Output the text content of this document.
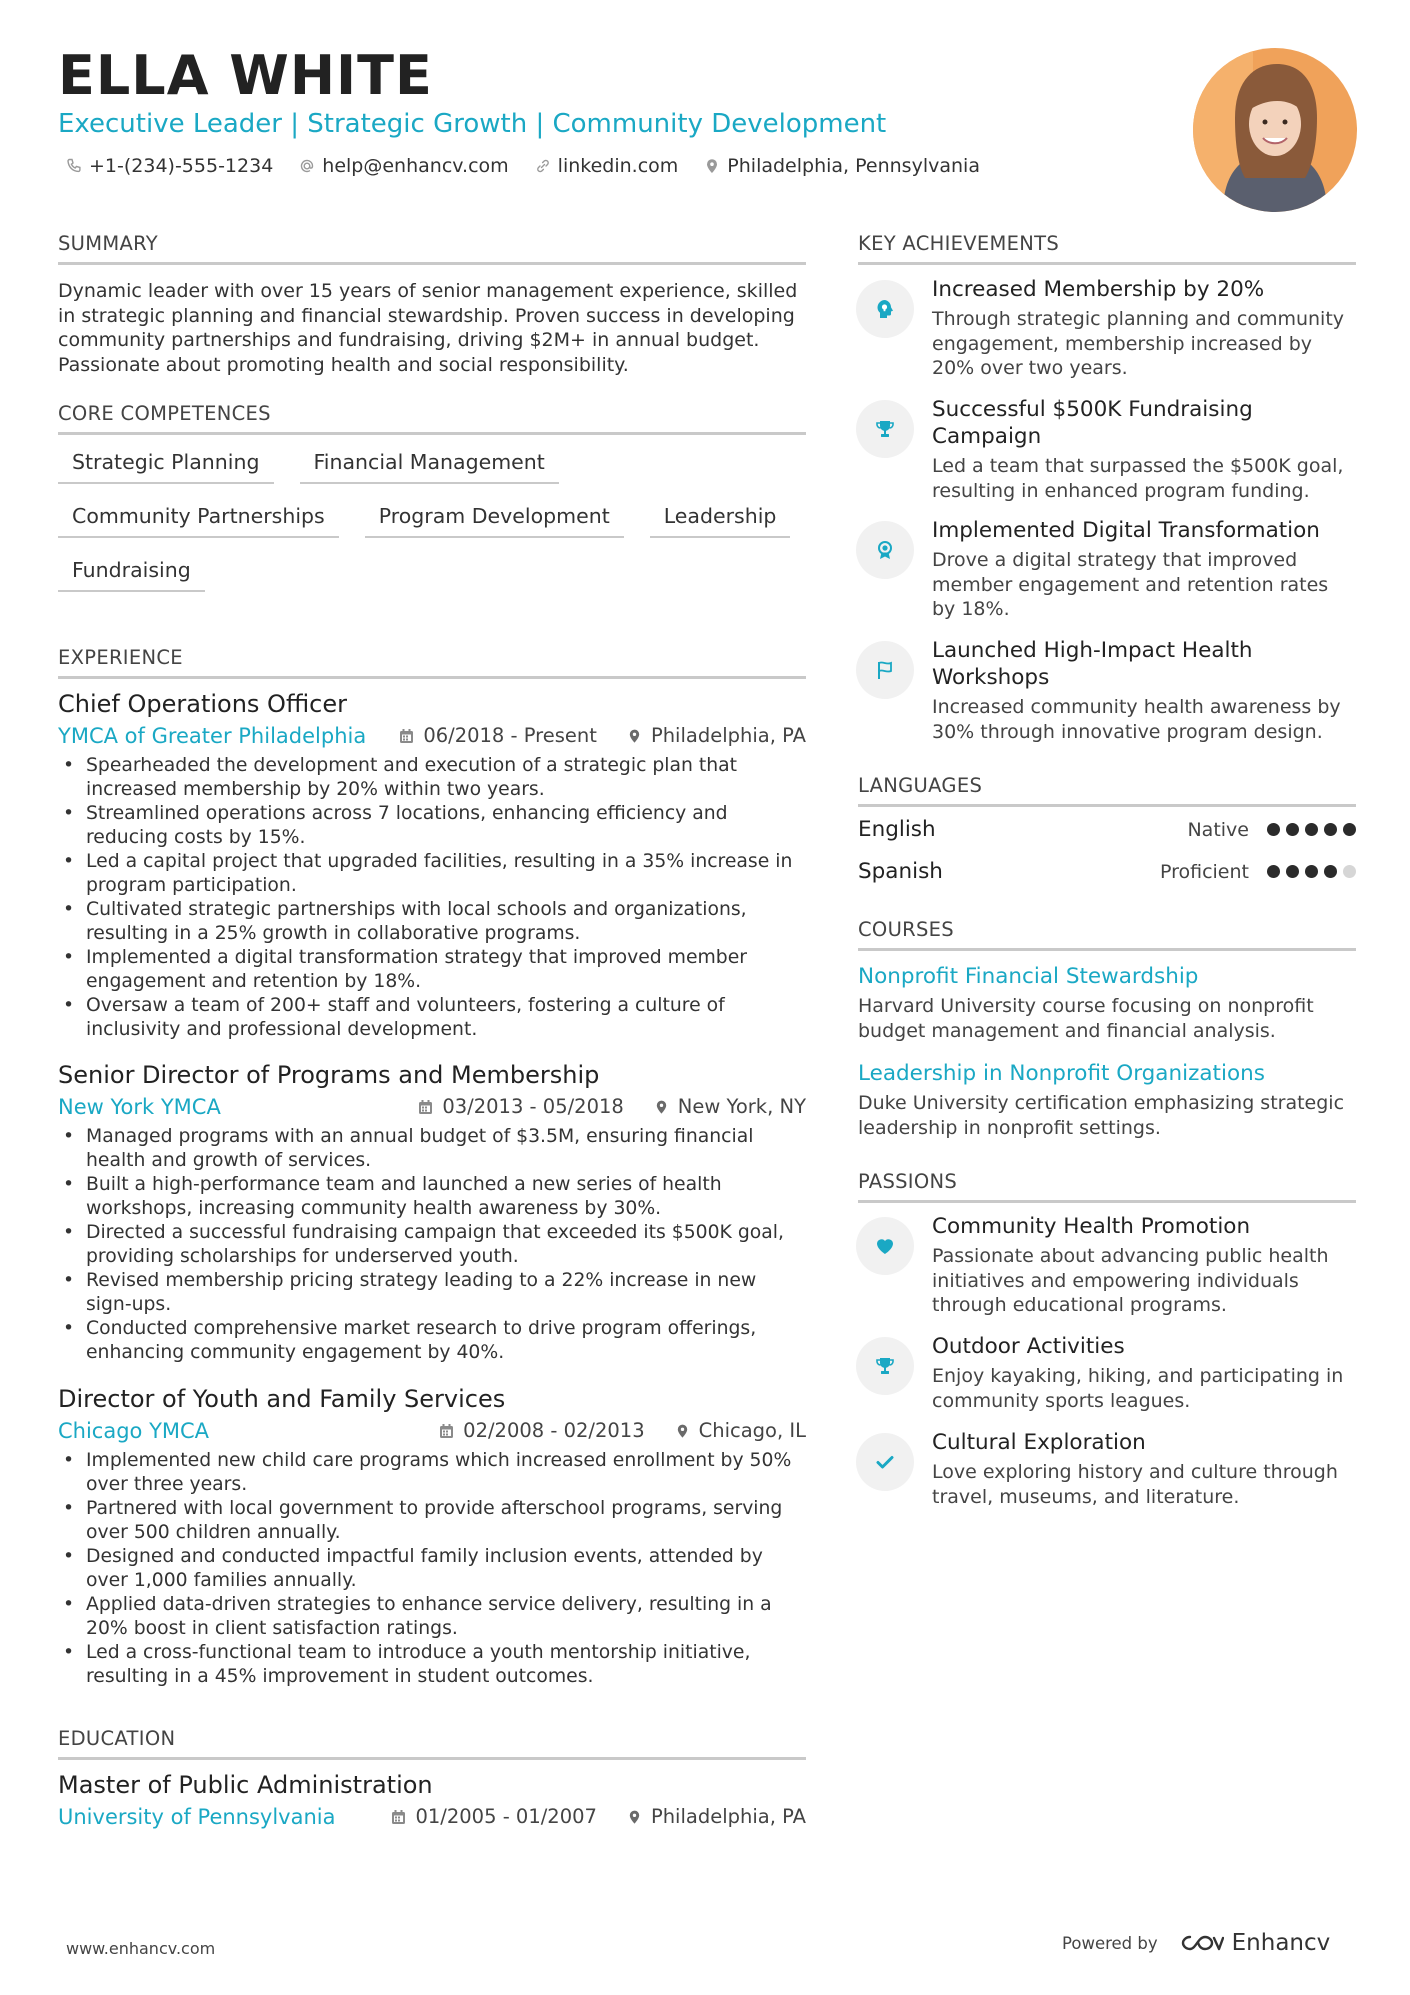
ELLA WHITE
Executive Leader | Strategic Growth | Community Development
+1-(234)-555-1234	help@enhancv.com	linkedin.com	Philadelphia, Pennsylvania
SUMMARY
Dynamic leader with over 15 years of senior management experience, skilled in strategic planning and financial stewardship. Proven success in developing community partnerships and fundraising, driving $2M+ in annual budget. Passionate about promoting health and social responsibility.
CORE COMPETENCES
Strategic Planning	Financial Management
Community Partnerships	Program Development	Leadership
Fundraising
EXPERIENCE
Chief Operations Officer
YMCA of Greater Philadelphia	06/2018 - Present	Philadelphia, PA
• Spearheaded the development and execution of a strategic plan that increased membership by 20% within two years.
• Streamlined operations across 7 locations, enhancing efficiency and reducing costs by 15%.
• Led a capital project that upgraded facilities, resulting in a 35% increase in program participation.
• Cultivated strategic partnerships with local schools and organizations, resulting in a 25% growth in collaborative programs.
• Implemented a digital transformation strategy that improved member engagement and retention by 18%.
• Oversaw a team of 200+ staff and volunteers, fostering a culture of inclusivity and professional development.
Senior Director of Programs and Membership
New York YMCA	03/2013 - 05/2018	New York, NY
• Managed programs with an annual budget of $3.5M, ensuring financial health and growth of services.
• Built a high-performance team and launched a new series of health workshops, increasing community health awareness by 30%.
• Directed a successful fundraising campaign that exceeded its $500K goal, providing scholarships for underserved youth.
• Revised membership pricing strategy leading to a 22% increase in new sign-ups.
• Conducted comprehensive market research to drive program offerings, enhancing community engagement by 40%.
Director of Youth and Family Services
Chicago YMCA	02/2008 - 02/2013	Chicago, IL
• Implemented new child care programs which increased enrollment by 50% over three years.
• Partnered with local government to provide afterschool programs, serving over 500 children annually.
• Designed and conducted impactful family inclusion events, attended by over 1,000 families annually.
• Applied data-driven strategies to enhance service delivery, resulting in a 20% boost in client satisfaction ratings.
• Led a cross-functional team to introduce a youth mentorship initiative, resulting in a 45% improvement in student outcomes.
EDUCATION
Master of Public Administration
University of Pennsylvania	01/2005 - 01/2007	Philadelphia, PA
KEY ACHIEVEMENTS
Increased Membership by 20%
Through strategic planning and community engagement, membership increased by 20% over two years.
Successful $500K Fundraising Campaign
Led a team that surpassed the $500K goal, resulting in enhanced program funding.
Implemented Digital Transformation
Drove a digital strategy that improved member engagement and retention rates by 18%.
Launched High-Impact Health Workshops
Increased community health awareness by 30% through innovative program design.
LANGUAGES
English	Native
Spanish	Proficient
COURSES
Nonprofit Financial Stewardship
Harvard University course focusing on nonprofit budget management and financial analysis.
Leadership in Nonprofit Organizations
Duke University certification emphasizing strategic leadership in nonprofit settings.
PASSIONS
Community Health Promotion
Passionate about advancing public health initiatives and empowering individuals through educational programs.
Outdoor Activities
Enjoy kayaking, hiking, and participating in community sports leagues.
Cultural Exploration
Love exploring history and culture through travel, museums, and literature.
www.enhancv.com	Powered by	Enhancv
